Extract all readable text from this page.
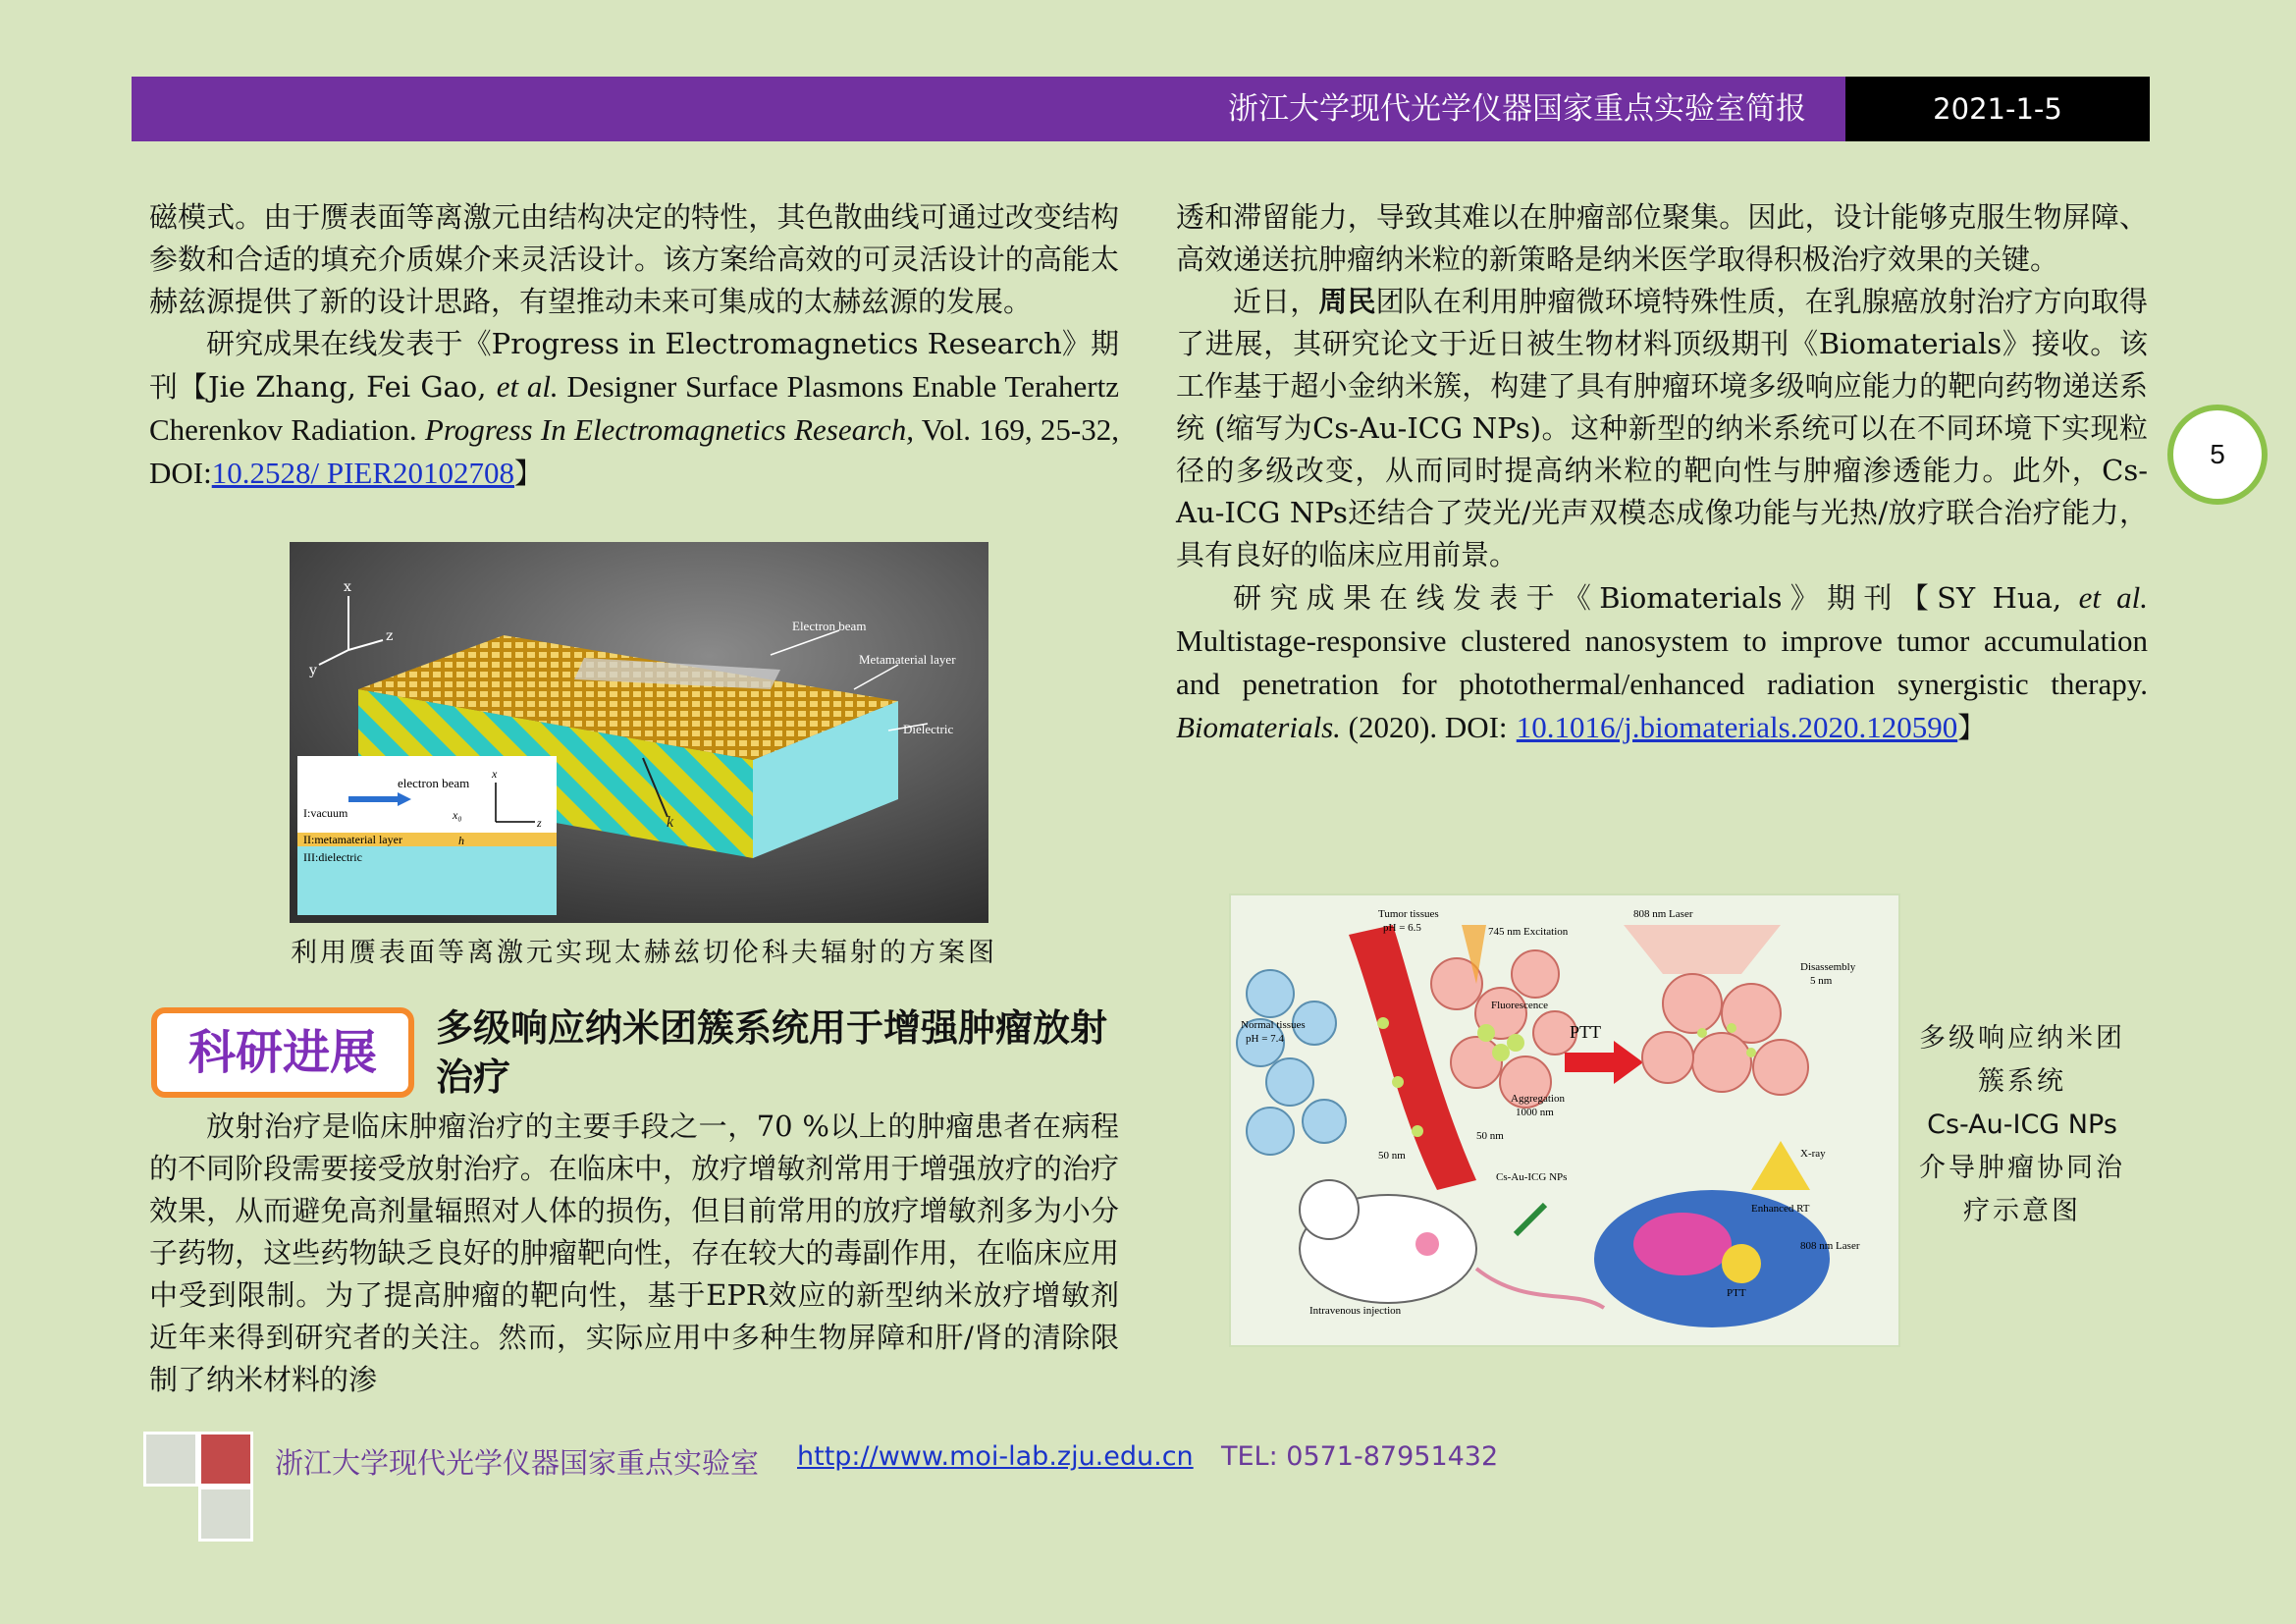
浙江大学现代光学仪器国家重点实验室简报	2021-1-5
5

磁模式。由于赝表面等离激元由结构决定的特性，其色散曲线可通过改变结构参数和合适的填充介质媒介来灵活设计。该方案给高效的可灵活设计的高能太赫兹源提供了新的设计思路，有望推动未来可集成的太赫兹源的发展。

研究成果在线发表于《Progress in Electromagnetics Research》期刊【Jie Zhang, Fei Gao, et al. Designer Surface Plasmons Enable Terahertz Cherenkov Radiation. Progress In Electromagnetics Research, Vol. 169, 25-32, DOI:10.2528/ PIER20102708】

x
z
y
Electron beam
Metamaterial layer
Dielectric
k
electron beam
x
z
x₀
h
I:vacuum
II:metamaterial layer
III:dielectric
利用赝表面等离激元实现太赫兹切伦科夫辐射的方案图
科研进展	多级响应纳米团簇系统用于增强肿瘤放射治疗

放射治疗是临床肿瘤治疗的主要手段之一，70 %以上的肿瘤患者在病程的不同阶段需要接受放射治疗。在临床中，放疗增敏剂常用于增强放疗的治疗效果，从而避免高剂量辐照对人体的损伤，但目前常用的放疗增敏剂多为小分子药物，这些药物缺乏良好的肿瘤靶向性，存在较大的毒副作用，在临床应用中受到限制。为了提高肿瘤的靶向性，基于EPR效应的新型纳米放疗增敏剂近年来得到研究者的关注。然而，实际应用中多种生物屏障和肝/肾的清除限制了纳米材料的渗

透和滞留能力，导致其难以在肿瘤部位聚集。因此，设计能够克服生物屏障、高效递送抗肿瘤纳米粒的新策略是纳米医学取得积极治疗效果的关键。

近日，周民团队在利用肿瘤微环境特殊性质，在乳腺癌放射治疗方向取得了进展，其研究论文于近日被生物材料顶级期刊《Biomaterials》接收。该工作基于超小金纳米簇，构建了具有肿瘤环境多级响应能力的靶向药物递送系统 (缩写为Cs-Au-ICG NPs)。这种新型的纳米系统可以在不同环境下实现粒径的多级改变，从而同时提高纳米粒的靶向性与肿瘤渗透能力。此外，Cs-Au-ICG NPs还结合了荧光/光声双模态成像功能与光热/放疗联合治疗能力，具有良好的临床应用前景。

研究成果在线发表于《Biomaterials》期刊【SY Hua, et al. Multistage-responsive clustered nanosystem to improve tumor accumulation and penetration for photothermal/enhanced radiation synergistic therapy. Biomaterials. (2020). DOI: 10.1016/j.biomaterials.2020.120590】

PTT
Tumor tissues
pH = 6.5	745 nm Excitation
808 nm Laser
Disassembly
5 nm
Normal tissues
pH = 7.4
Fluorescence
Aggregation
1000 nm
50 nm
50 nm	X-ray
Cs-Au-ICG NPs
Enhanced RT
808 nm Laser
PTT
Intravenous injection
多级响应纳米团
簇系统
Cs-Au-ICG NPs
介导肿瘤协同治
疗示意图
浙江大学现代光学仪器国家重点实验室 http://www.moi-lab.zju.edu.cn TEL: 0571-87951432
